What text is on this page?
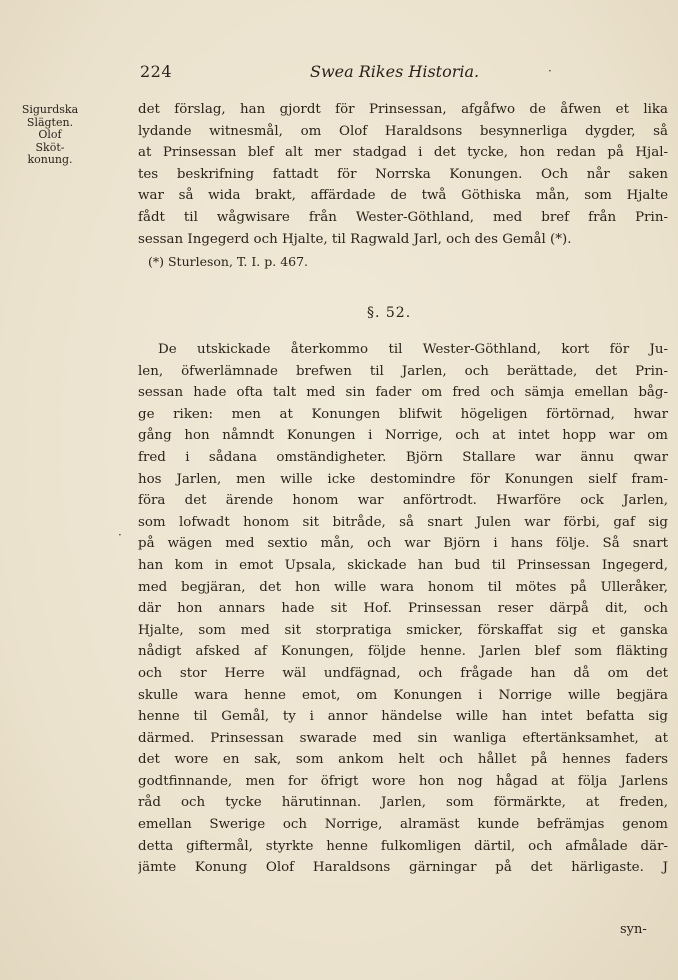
224	Swea Rikes Historia.
Sigurdska
Slägten.
Olof
Sköt-
konung.
det förslag, han gjordt för Prinsessan, afgåfwo de åfwen et lika
lydande witnesmål, om Olof Haraldsons besynnerliga dygder, så
at Prinsessan blef alt mer stadgad i det tycke, hon redan på Hjal-
tes beskrifning fattadt för Norrska Konungen. Och når saken
war så wida brakt, affärdade de twå Göthiska mån, som Hjalte
fådt til wågwisare från Wester-Göthland, med bref från Prin-
sessan Ingegerd och Hjalte, til Ragwald Jarl, och des Gemål (*).
(*) Sturleson, T. I. p. 467.
§. 52.
De utskickade återkommo til Wester-Göthland, kort för Ju-
len, öfwerlämnade brefwen til Jarlen, och berättade, det Prin-
sessan hade ofta talt med sin fader om fred och sämja emellan båg-
ge riken: men at Konungen blifwit högeligen förtörnad, hwar
gång hon nåmndt Konungen i Norrige, och at intet hopp war om
fred i sådana omständigheter. Björn Stallare war ännu qwar
hos Jarlen, men wille icke destomindre för Konungen sielf fram-
föra det ärende honom war anförtrodt. Hwarföre ock Jarlen,
som lofwadt honom sit bitråde, så snart Julen war förbi, gaf sig
på wägen med sextio mån, och war Björn i hans följe. Så snart
han kom in emot Upsala, skickade han bud til Prinsessan Ingegerd,
med begjäran, det hon wille wara honom til mötes på Ulleråker,
där hon annars hade sit Hof. Prinsessan reser därpå dit, och
Hjalte, som med sit storpratiga smicker, förskaffat sig et ganska
nådigt afsked af Konungen, följde henne. Jarlen blef som fläkting
och stor Herre wäl undfägnad, och frågade han då om det
skulle wara henne emot, om Konungen i Norrige wille begjära
henne til Gemål, ty i annor händelse wille han intet befatta sig
därmed. Prinsessan swarade med sin wanliga eftertänksamhet, at
det wore en sak, som ankom helt och hållet på hennes faders
godtfinnande, men for öfrigt wore hon nog hågad at följa Jarlens
råd och tycke härutinnan. Jarlen, som förmärkte, at freden,
emellan Swerige och Norrige, alramäst kunde befrämjas genom
detta giftermål, styrkte henne fulkomligen därtil, och afmålade där-
jämte Konung Olof Haraldsons gärningar på det härligaste. J
syn-
·
·
